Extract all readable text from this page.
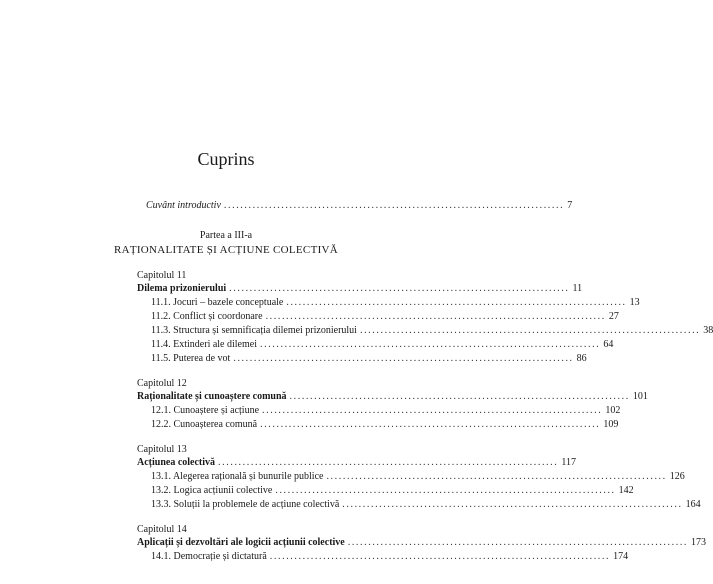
Cuprins
Cuvânt introductiv ................................................................................... 7
Partea a III-a
RAȚIONALITATE ȘI ACȚIUNE COLECTIVĂ
Capitolul 11
Dilema prizonierului ................................................................................... 11
11.1. Jocuri – bazele conceptuale ................................................................................... 13
11.2. Conflict și coordonare ................................................................................... 27
11.3. Structura și semnificația dilemei prizonierului ................................................................................... 38
11.4. Extinderi ale dilemei ................................................................................... 64
11.5. Puterea de vot ................................................................................... 86
Capitolul 12
Raționalitate și cunoaștere comună ................................................................................... 101
12.1. Cunoaștere și acțiune ................................................................................... 102
12.2. Cunoașterea comună ................................................................................... 109
Capitolul 13
Acțiunea colectivă ................................................................................... 117
13.1. Alegerea rațională și bunurile publice ................................................................................... 126
13.2. Logica acțiunii colective ................................................................................... 142
13.3. Soluții la problemele de acțiune colectivă ................................................................................... 164
Capitolul 14
Aplicații și dezvoltări ale logicii acțiunii colective ................................................................................... 173
14.1. Democrație și dictatură ................................................................................... 174
